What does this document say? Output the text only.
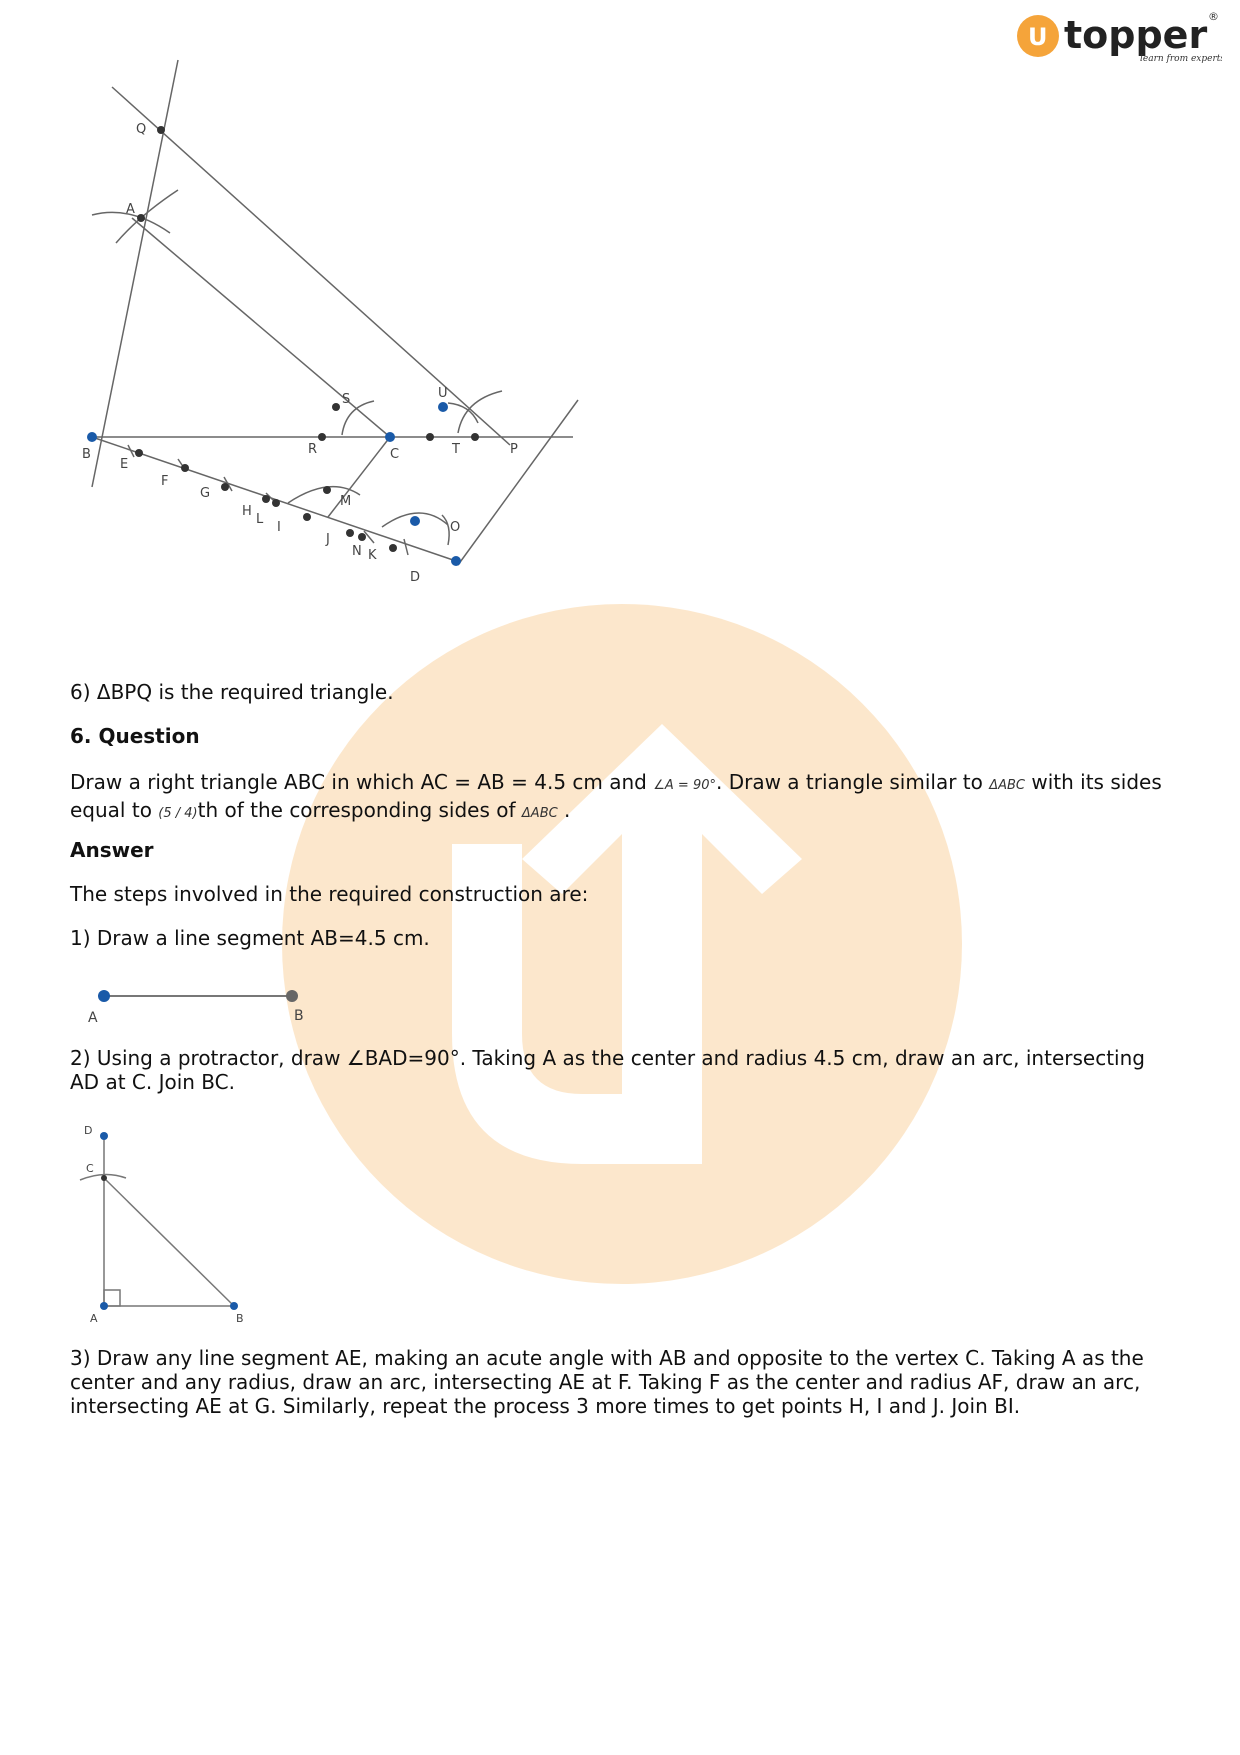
U topper
learn from experts
®
Q
A
S	U
B
E
F
G
H
L
I
J
N K
D
R	C	T	P
M
O
6) ΔBPQ is the required triangle.
6. Question
Draw a right triangle ABC in which AC = AB = 4.5 cm and ∠A = 90°. Draw a triangle similar to ΔABC with its sides equal to (5 / 4)th of the corresponding sides of ΔABC .
Answer
The steps involved in the required construction are:
1) Draw a line segment AB=4.5 cm.
A	B
2) Using a protractor, draw ∠BAD=90°. Taking A as the center and radius 4.5 cm, draw an arc, intersecting AD at C. Join BC.
D
C
A	B
3) Draw any line segment AE, making an acute angle with AB and opposite to the vertex C. Taking A as the center and any radius, draw an arc, intersecting AE at F. Taking F as the center and radius AF, draw an arc, intersecting AE at G. Similarly, repeat the process 3 more times to get points H, I and J. Join BI.
